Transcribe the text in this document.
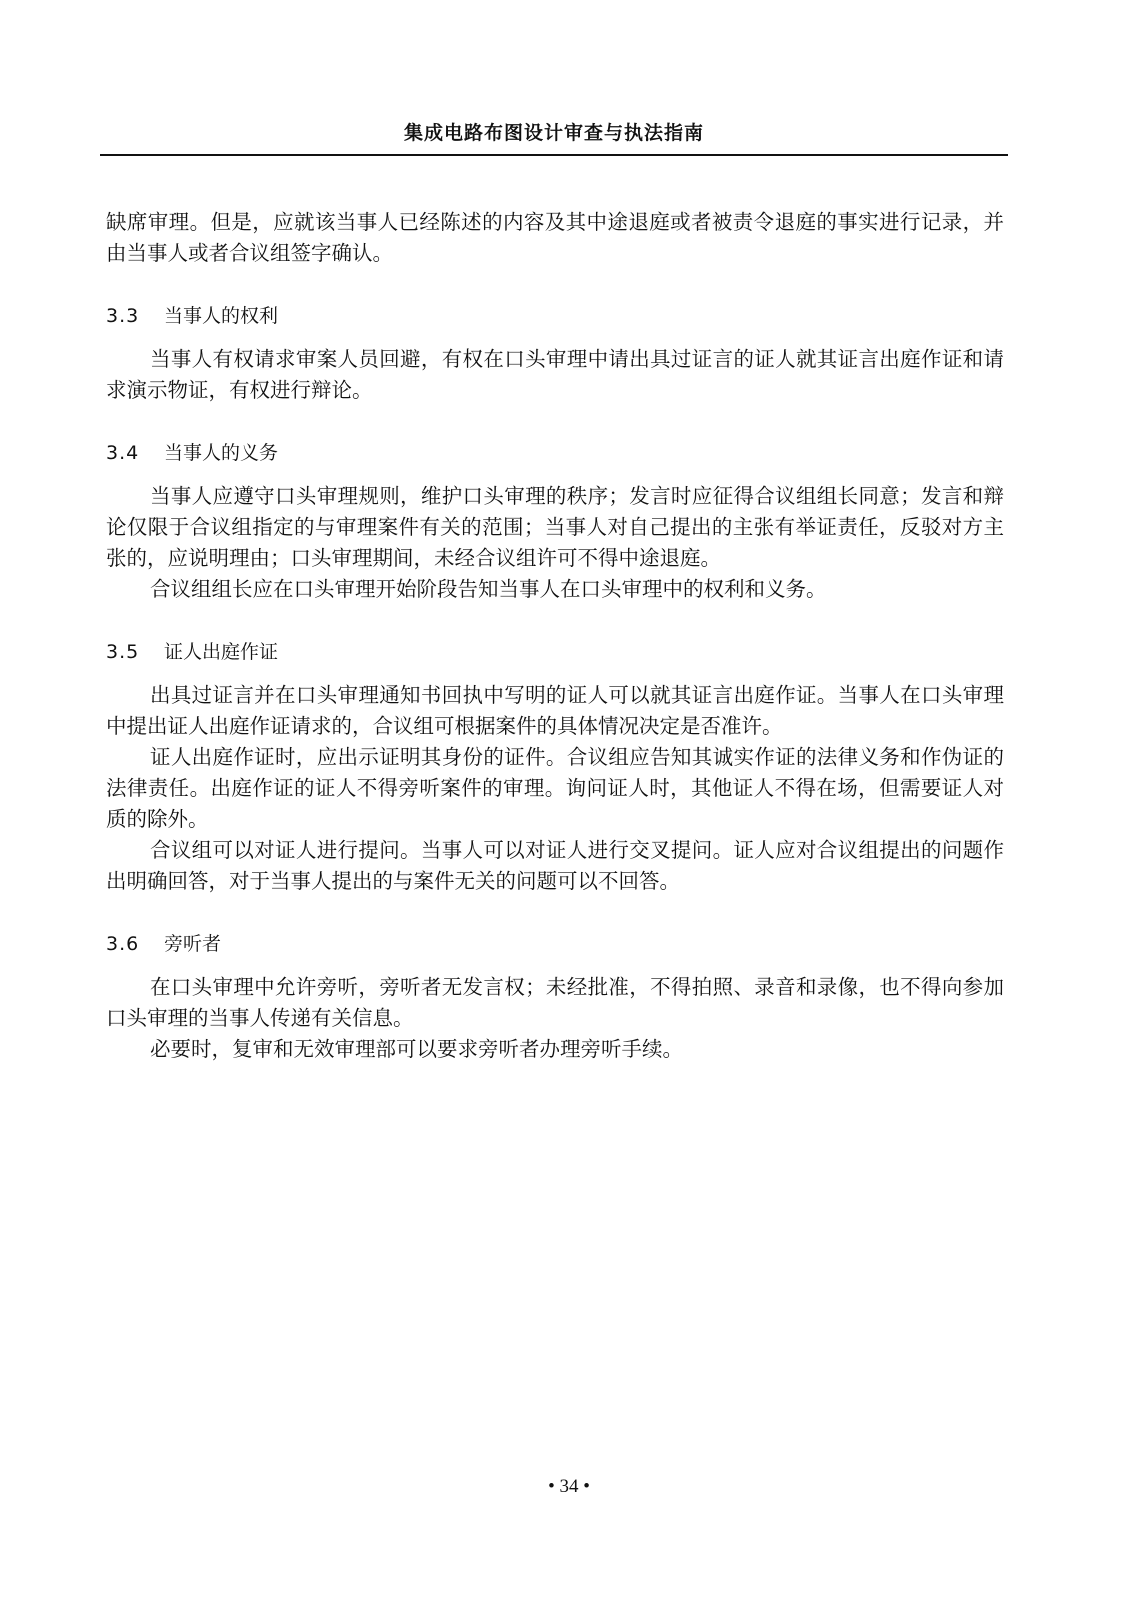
集成电路布图设计审查与执法指南

缺席审理。但是，应就该当事人已经陈述的内容及其中途退庭或者被责令退庭的事实进行记录，并由当事人或者合议组签字确认。

3.3 当事人的权利

当事人有权请求审案人员回避，有权在口头审理中请出具过证言的证人就其证言出庭作证和请求演示物证，有权进行辩论。

3.4 当事人的义务

当事人应遵守口头审理规则，维护口头审理的秩序；发言时应征得合议组组长同意；发言和辩论仅限于合议组指定的与审理案件有关的范围；当事人对自己提出的主张有举证责任，反驳对方主张的，应说明理由；口头审理期间，未经合议组许可不得中途退庭。

合议组组长应在口头审理开始阶段告知当事人在口头审理中的权利和义务。

3.5 证人出庭作证

出具过证言并在口头审理通知书回执中写明的证人可以就其证言出庭作证。当事人在口头审理中提出证人出庭作证请求的，合议组可根据案件的具体情况决定是否准许。

证人出庭作证时，应出示证明其身份的证件。合议组应告知其诚实作证的法律义务和作伪证的法律责任。出庭作证的证人不得旁听案件的审理。询问证人时，其他证人不得在场，但需要证人对质的除外。

合议组可以对证人进行提问。当事人可以对证人进行交叉提问。证人应对合议组提出的问题作出明确回答，对于当事人提出的与案件无关的问题可以不回答。

3.6 旁听者

在口头审理中允许旁听，旁听者无发言权；未经批准，不得拍照、录音和录像，也不得向参加口头审理的当事人传递有关信息。

必要时，复审和无效审理部可以要求旁听者办理旁听手续。

• 34 •
